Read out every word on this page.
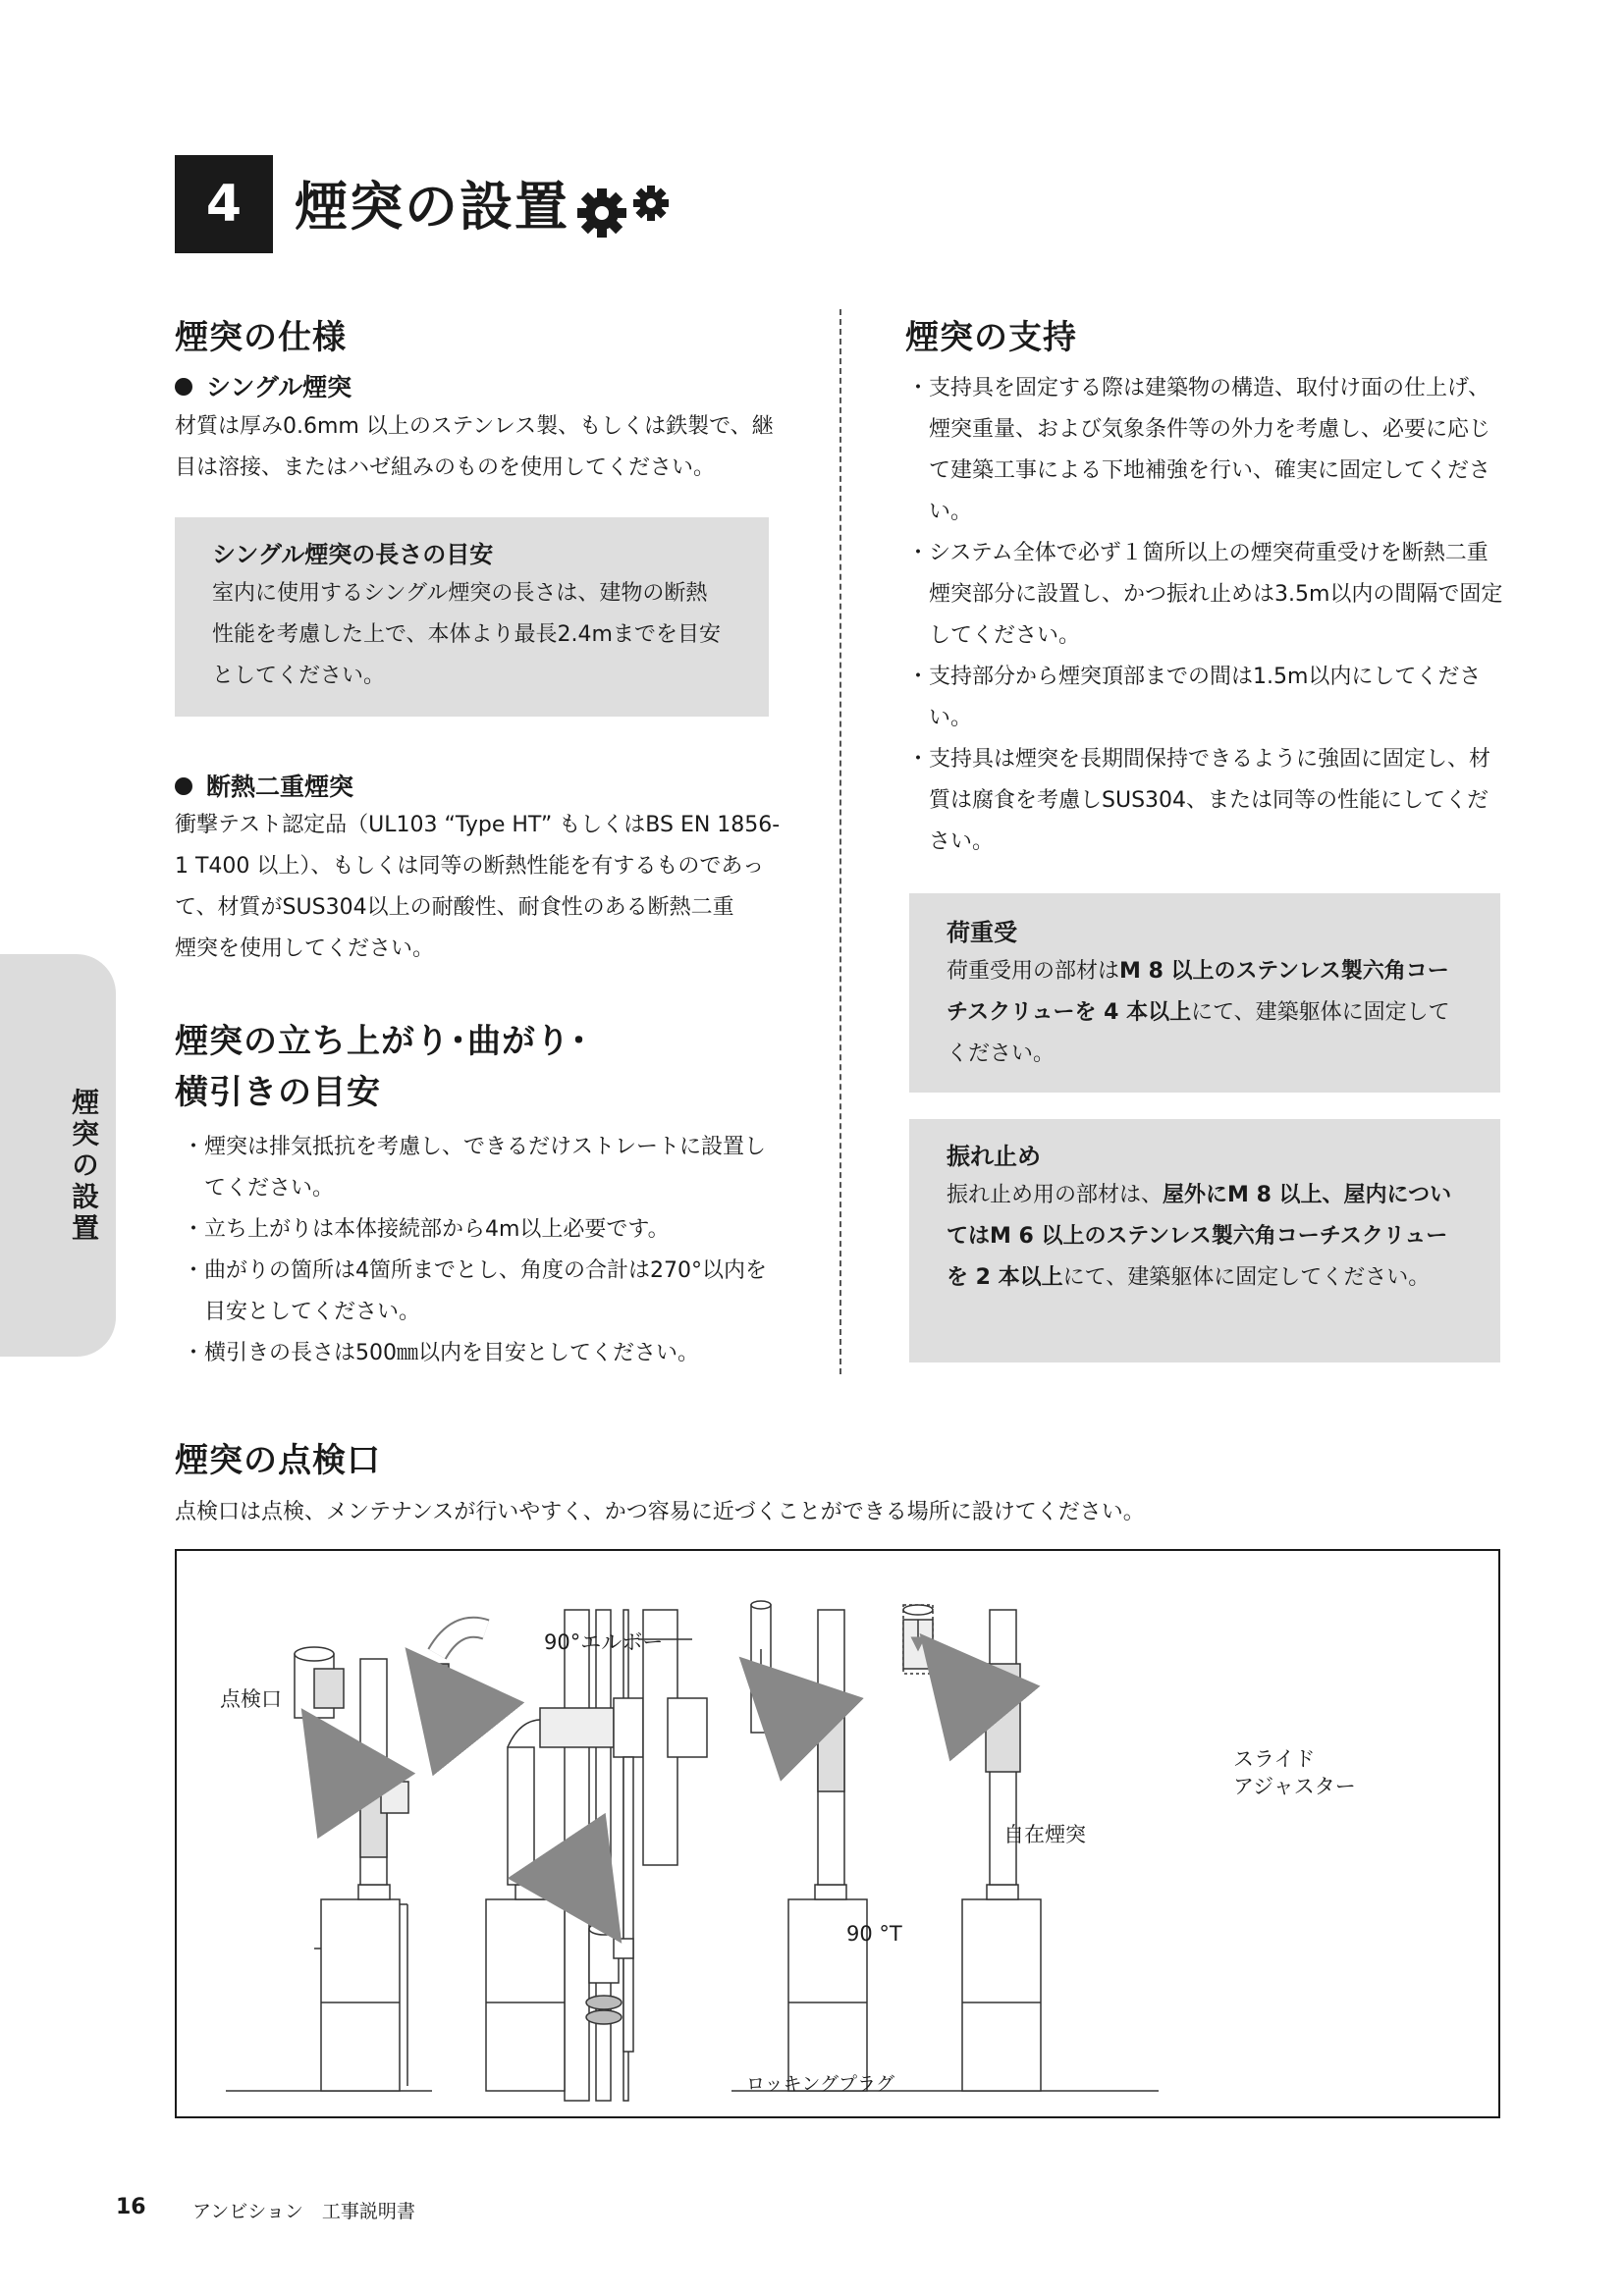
4 煙突の設置
煙突の設置
煙突の仕様
シングル煙突
材質は厚み0.6mm 以上のステンレス製、もしくは鉄製で、継
目は溶接、またはハゼ組みのものを使用してください。
シングル煙突の長さの目安
室内に使用するシングル煙突の長さは、建物の断熱
性能を考慮した上で、本体より最長2.4mまでを目安
としてください。
断熱二重煙突
衝撃テスト認定品（UL103 “Type HT” もしくはBS EN 1856-
1 T400 以上）、もしくは同等の断熱性能を有するものであっ
て、材質がSUS304以上の耐酸性、耐食性のある断熱二重
煙突を使用してください。
煙突の立ち上がり･曲がり･
横引きの目安
・ 煙突は排気抵抗を考慮し、できるだけストレートに設置してください。
・ 立ち上がりは本体接続部から4m以上必要です。
・ 曲がりの箇所は4箇所までとし、角度の合計は270°以内を目安としてください。
・ 横引きの長さは500㎜以内を目安としてください。
煙突の支持
・ 支持具を固定する際は建築物の構造、取付け面の仕上げ、煙突重量、および気象条件等の外力を考慮し、必要に応じて建築工事による下地補強を行い、確実に固定してください。
・ システム全体で必ず１箇所以上の煙突荷重受けを断熱二重煙突部分に設置し、かつ振れ止めは3.5m以内の間隔で固定してください。
・ 支持部分から煙突頂部までの間は1.5m以内にしてください。
・ 支持具は煙突を長期間保持できるように強固に固定し、材質は腐食を考慮しSUS304、または同等の性能にしてください。
荷重受
荷重受用の部材はM 8 以上のステンレス製六角コーチスクリューを 4 本以上にて、建築躯体に固定してください。
振れ止め
振れ止め用の部材は、屋外にM 8 以上、屋内についてはM 6 以上のステンレス製六角コーチスクリューを 2 本以上にて、建築躯体に固定してください。
煙突の点検口
点検口は点検、メンテナンスが行いやすく、かつ容易に近づくことができる場所に設けてください。
点検口
90°エルボー
90 °T
ロッキングプラグ
自在煙突
スライド
アジャスター
16 アンビション　工事説明書
